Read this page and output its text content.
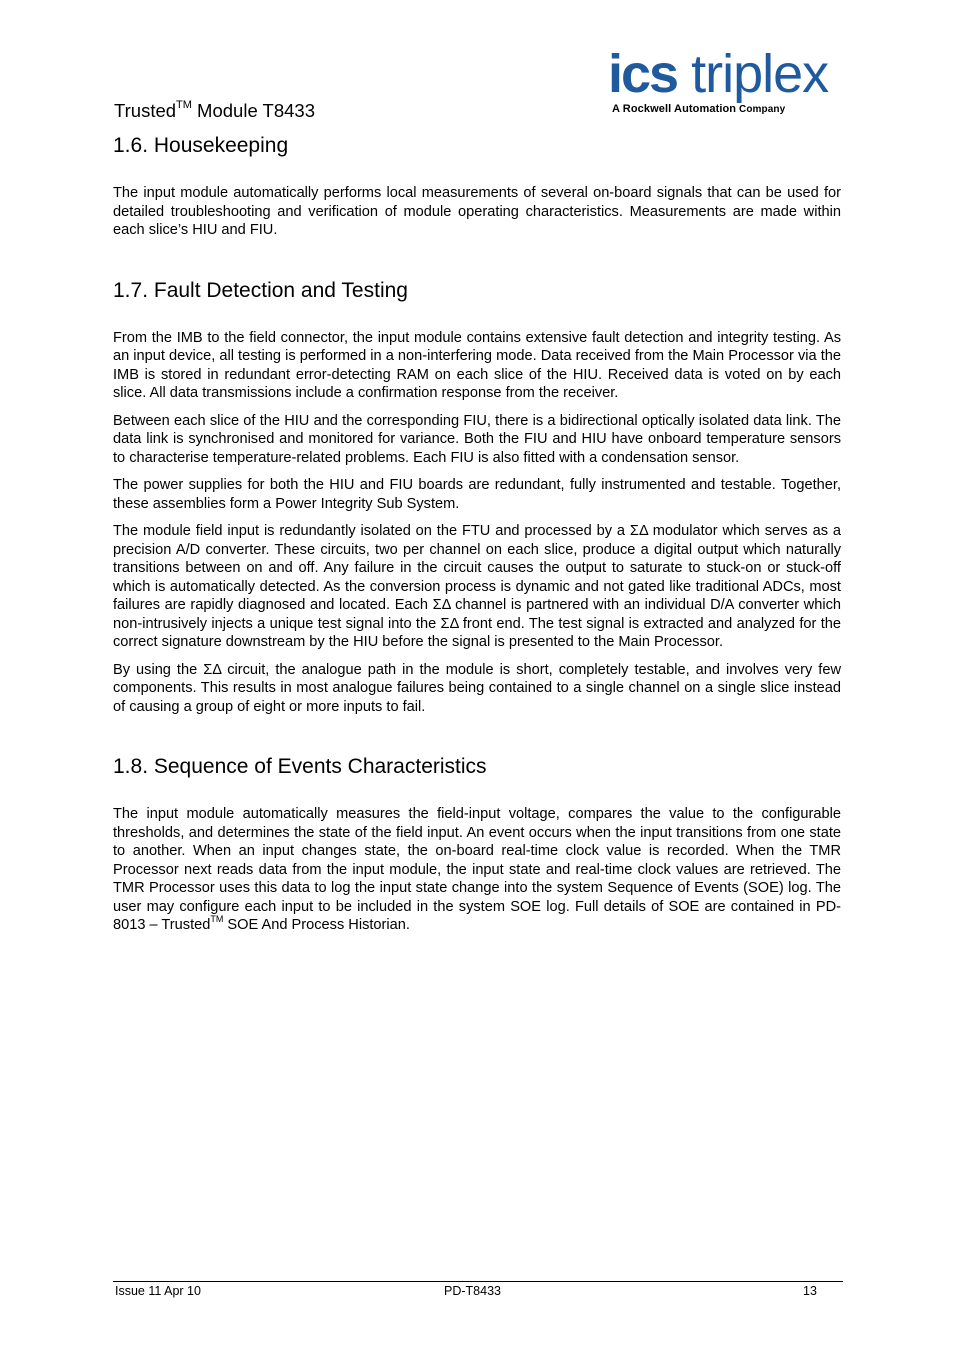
Trusted™ Module T8433
ics triplex
A Rockwell Automation Company
1.6. Housekeeping

The input module automatically performs local measurements of several on-board signals that can be used for detailed troubleshooting and verification of module operating characteristics. Measurements are made within each slice’s HIU and FIU.

1.7. Fault Detection and Testing

From the IMB to the field connector, the input module contains extensive fault detection and integrity testing. As an input device, all testing is performed in a non-interfering mode. Data received from the Main Processor via the IMB is stored in redundant error-detecting RAM on each slice of the HIU. Received data is voted on by each slice. All data transmissions include a confirmation response from the receiver.

Between each slice of the HIU and the corresponding FIU, there is a bidirectional optically isolated data link. The data link is synchronised and monitored for variance. Both the FIU and HIU have onboard temperature sensors to characterise temperature-related problems. Each FIU is also fitted with a condensation sensor.

The power supplies for both the HIU and FIU boards are redundant, fully instrumented and testable. Together, these assemblies form a Power Integrity Sub System.

The module field input is redundantly isolated on the FTU and processed by a ΣΔ modulator which serves as a precision A/D converter. These circuits, two per channel on each slice, produce a digital output which naturally transitions between on and off. Any failure in the circuit causes the output to saturate to stuck-on or stuck-off which is automatically detected. As the conversion process is dynamic and not gated like traditional ADCs, most failures are rapidly diagnosed and located. Each ΣΔ channel is partnered with an individual D/A converter which non-intrusively injects a unique test signal into the ΣΔ front end. The test signal is extracted and analyzed for the correct signature downstream by the HIU before the signal is presented to the Main Processor.

By using the ΣΔ circuit, the analogue path in the module is short, completely testable, and involves very few components. This results in most analogue failures being contained to a single channel on a single slice instead of causing a group of eight or more inputs to fail.

1.8. Sequence of Events Characteristics

The input module automatically measures the field-input voltage, compares the value to the configurable thresholds, and determines the state of the field input. An event occurs when the input transitions from one state to another. When an input changes state, the on-board real-time clock value is recorded. When the TMR Processor next reads data from the input module, the input state and real-time clock values are retrieved. The TMR Processor uses this data to log the input state change into the system Sequence of Events (SOE) log. The user may configure each input to be included in the system SOE log. Full details of SOE are contained in PD-8013 – Trusted™ SOE And Process Historian.

Issue 11 Apr 10	PD-T8433	13
